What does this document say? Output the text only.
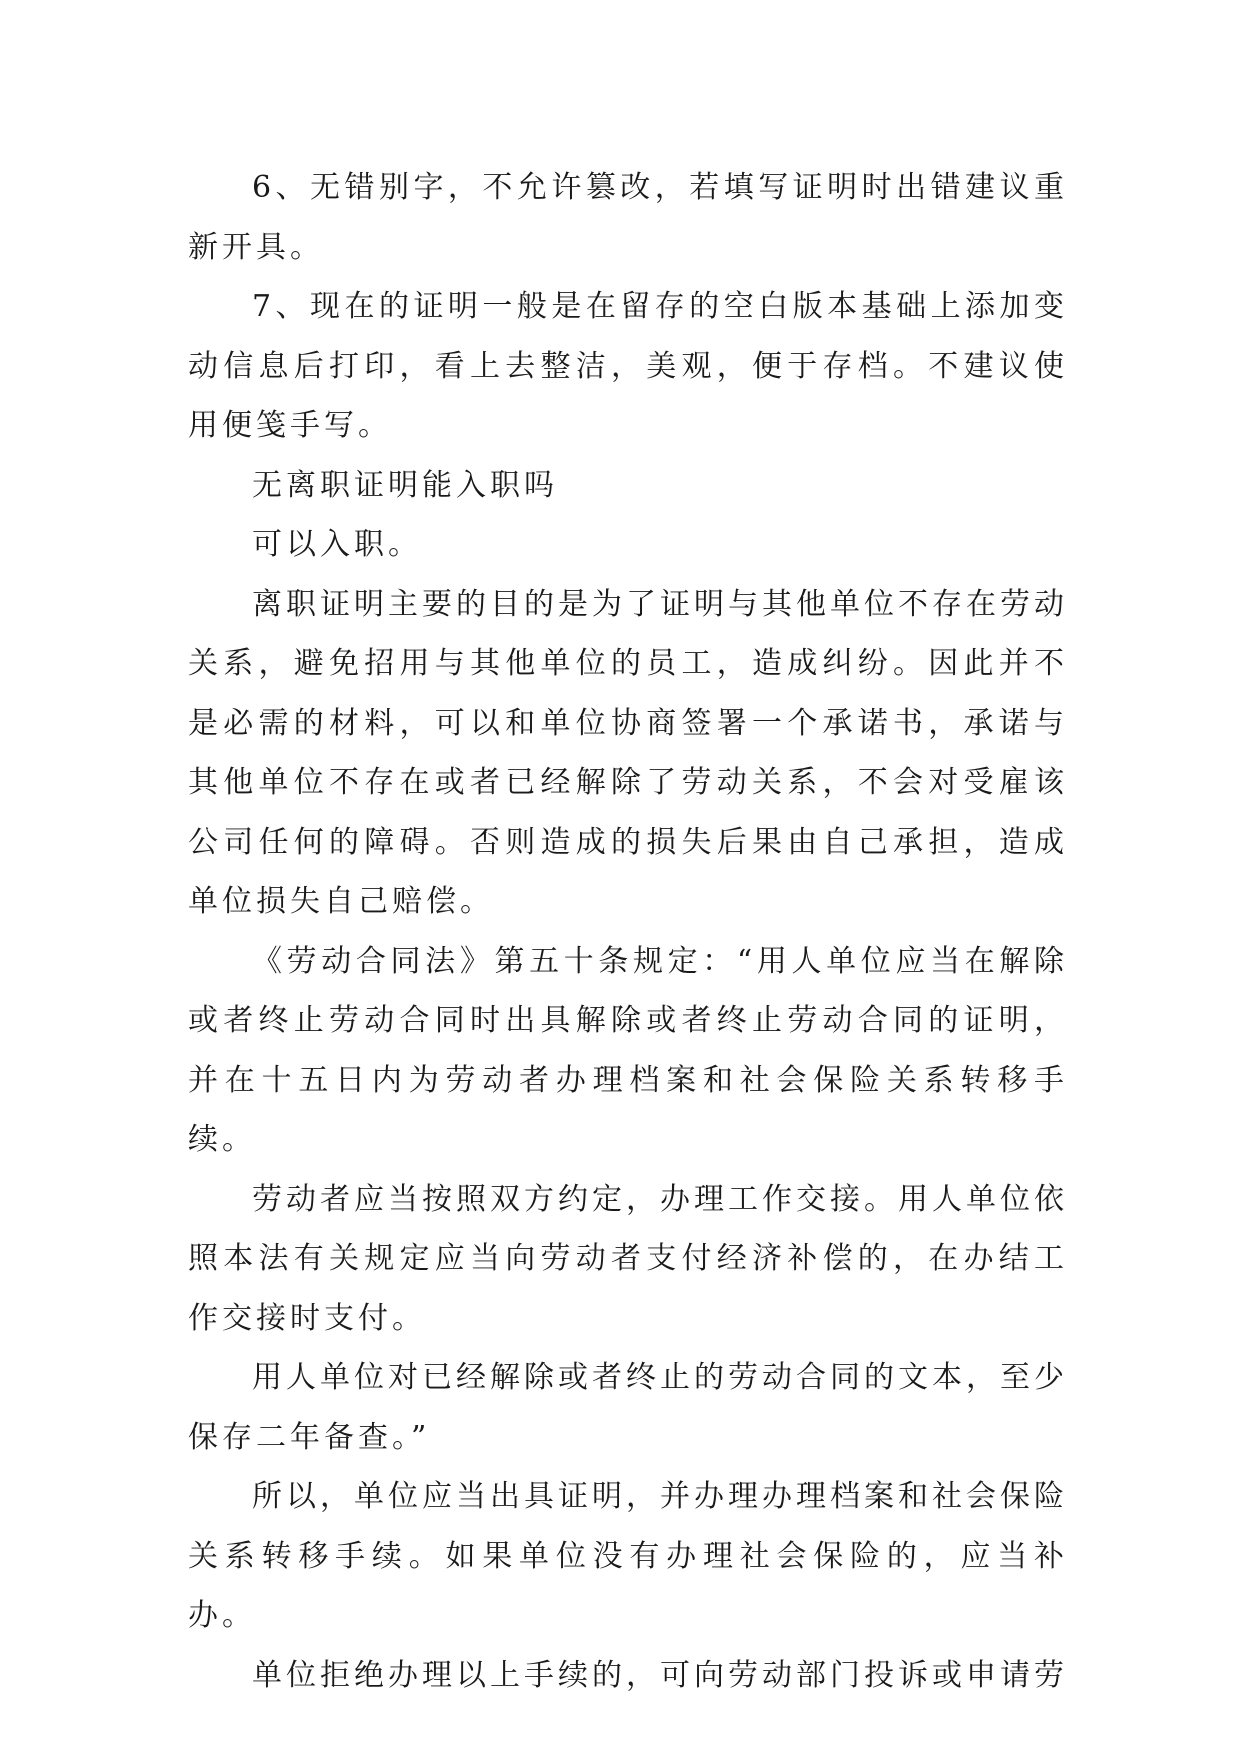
6、无错别字，不允许篡改，若填写证明时出错建议重新开具。

7、现在的证明一般是在留存的空白版本基础上添加变动信息后打印，看上去整洁，美观，便于存档。不建议使用便笺手写。

无离职证明能入职吗

可以入职。

离职证明主要的目的是为了证明与其他单位不存在劳动关系，避免招用与其他单位的员工，造成纠纷。因此并不是必需的材料，可以和单位协商签署一个承诺书，承诺与其他单位不存在或者已经解除了劳动关系，不会对受雇该公司任何的障碍。否则造成的损失后果由自己承担，造成单位损失自己赔偿。

《劳动合同法》第五十条规定：“用人单位应当在解除或者终止劳动合同时出具解除或者终止劳动合同的证明，并在十五日内为劳动者办理档案和社会保险关系转移手续。

劳动者应当按照双方约定，办理工作交接。用人单位依照本法有关规定应当向劳动者支付经济补偿的，在办结工作交接时支付。

用人单位对已经解除或者终止的劳动合同的文本，至少保存二年备查。”

所以，单位应当出具证明，并办理办理档案和社会保险关系转移手续。如果单位没有办理社会保险的，应当补办。

单位拒绝办理以上手续的，可向劳动部门投诉或申请劳
